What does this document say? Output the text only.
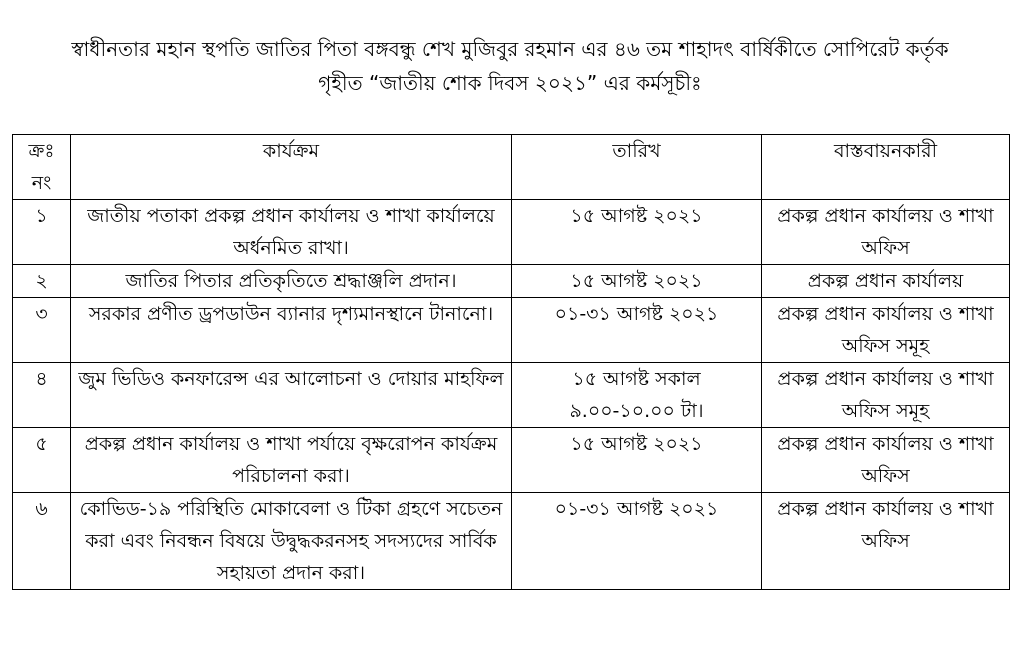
স্বাধীনতার মহান স্থপতি জাতির পিতা বঙ্গবন্ধু শেখ মুজিবুর রহমান এর ৪৬ তম শাহাদৎ বার্ষিকীতে সোপিরেট কর্তৃক
গৃহীত “জাতীয় শোক দিবস ২০২১” এর কর্মসূচীঃ
ক্রঃ নং	কার্যক্রম	তারিখ	বাস্তবায়নকারী
১	জাতীয় পতাকা প্রকল্প প্রধান কার্যালয় ও শাখা কার্যালয়ে অর্ধনমিত রাখা।	১৫ আগষ্ট ২০২১	প্রকল্প প্রধান কার্যালয় ও শাখা অফিস
২	জাতির পিতার প্রতিকৃতিতে শ্রদ্ধাঞ্জলি প্রদান।	১৫ আগষ্ট ২০২১	প্রকল্প প্রধান কার্যালয়
৩	সরকার প্রণীত ড্রপডাউন ব্যানার দৃশ্যমানস্থানে টানানো।	০১-৩১ আগষ্ট ২০২১	প্রকল্প প্রধান কার্যালয় ও শাখা অফিস সমূহ
৪	জুম ভিডিও কনফারেন্স এর আলোচনা ও দোয়ার মাহফিল	১৫ আগষ্ট সকাল ৯.০০-১০.০০ টা।	প্রকল্প প্রধান কার্যালয় ও শাখা অফিস সমূহ
৫	প্রকল্প প্রধান কার্যালয় ও শাখা পর্যায়ে বৃক্ষরোপন কার্যক্রম পরিচালনা করা।	১৫ আগষ্ট ২০২১	প্রকল্প প্রধান কার্যালয় ও শাখা অফিস
৬	কোভিড-১৯ পরিস্থিতি মোকাবেলা ও টিকা গ্রহণে সচেতন করা এবং নিবন্ধন বিষয়ে উদ্বুদ্ধকরনসহ সদস্যদের সার্বিক সহায়তা প্রদান করা।	০১-৩১ আগষ্ট ২০২১	প্রকল্প প্রধান কার্যালয় ও শাখা অফিস
